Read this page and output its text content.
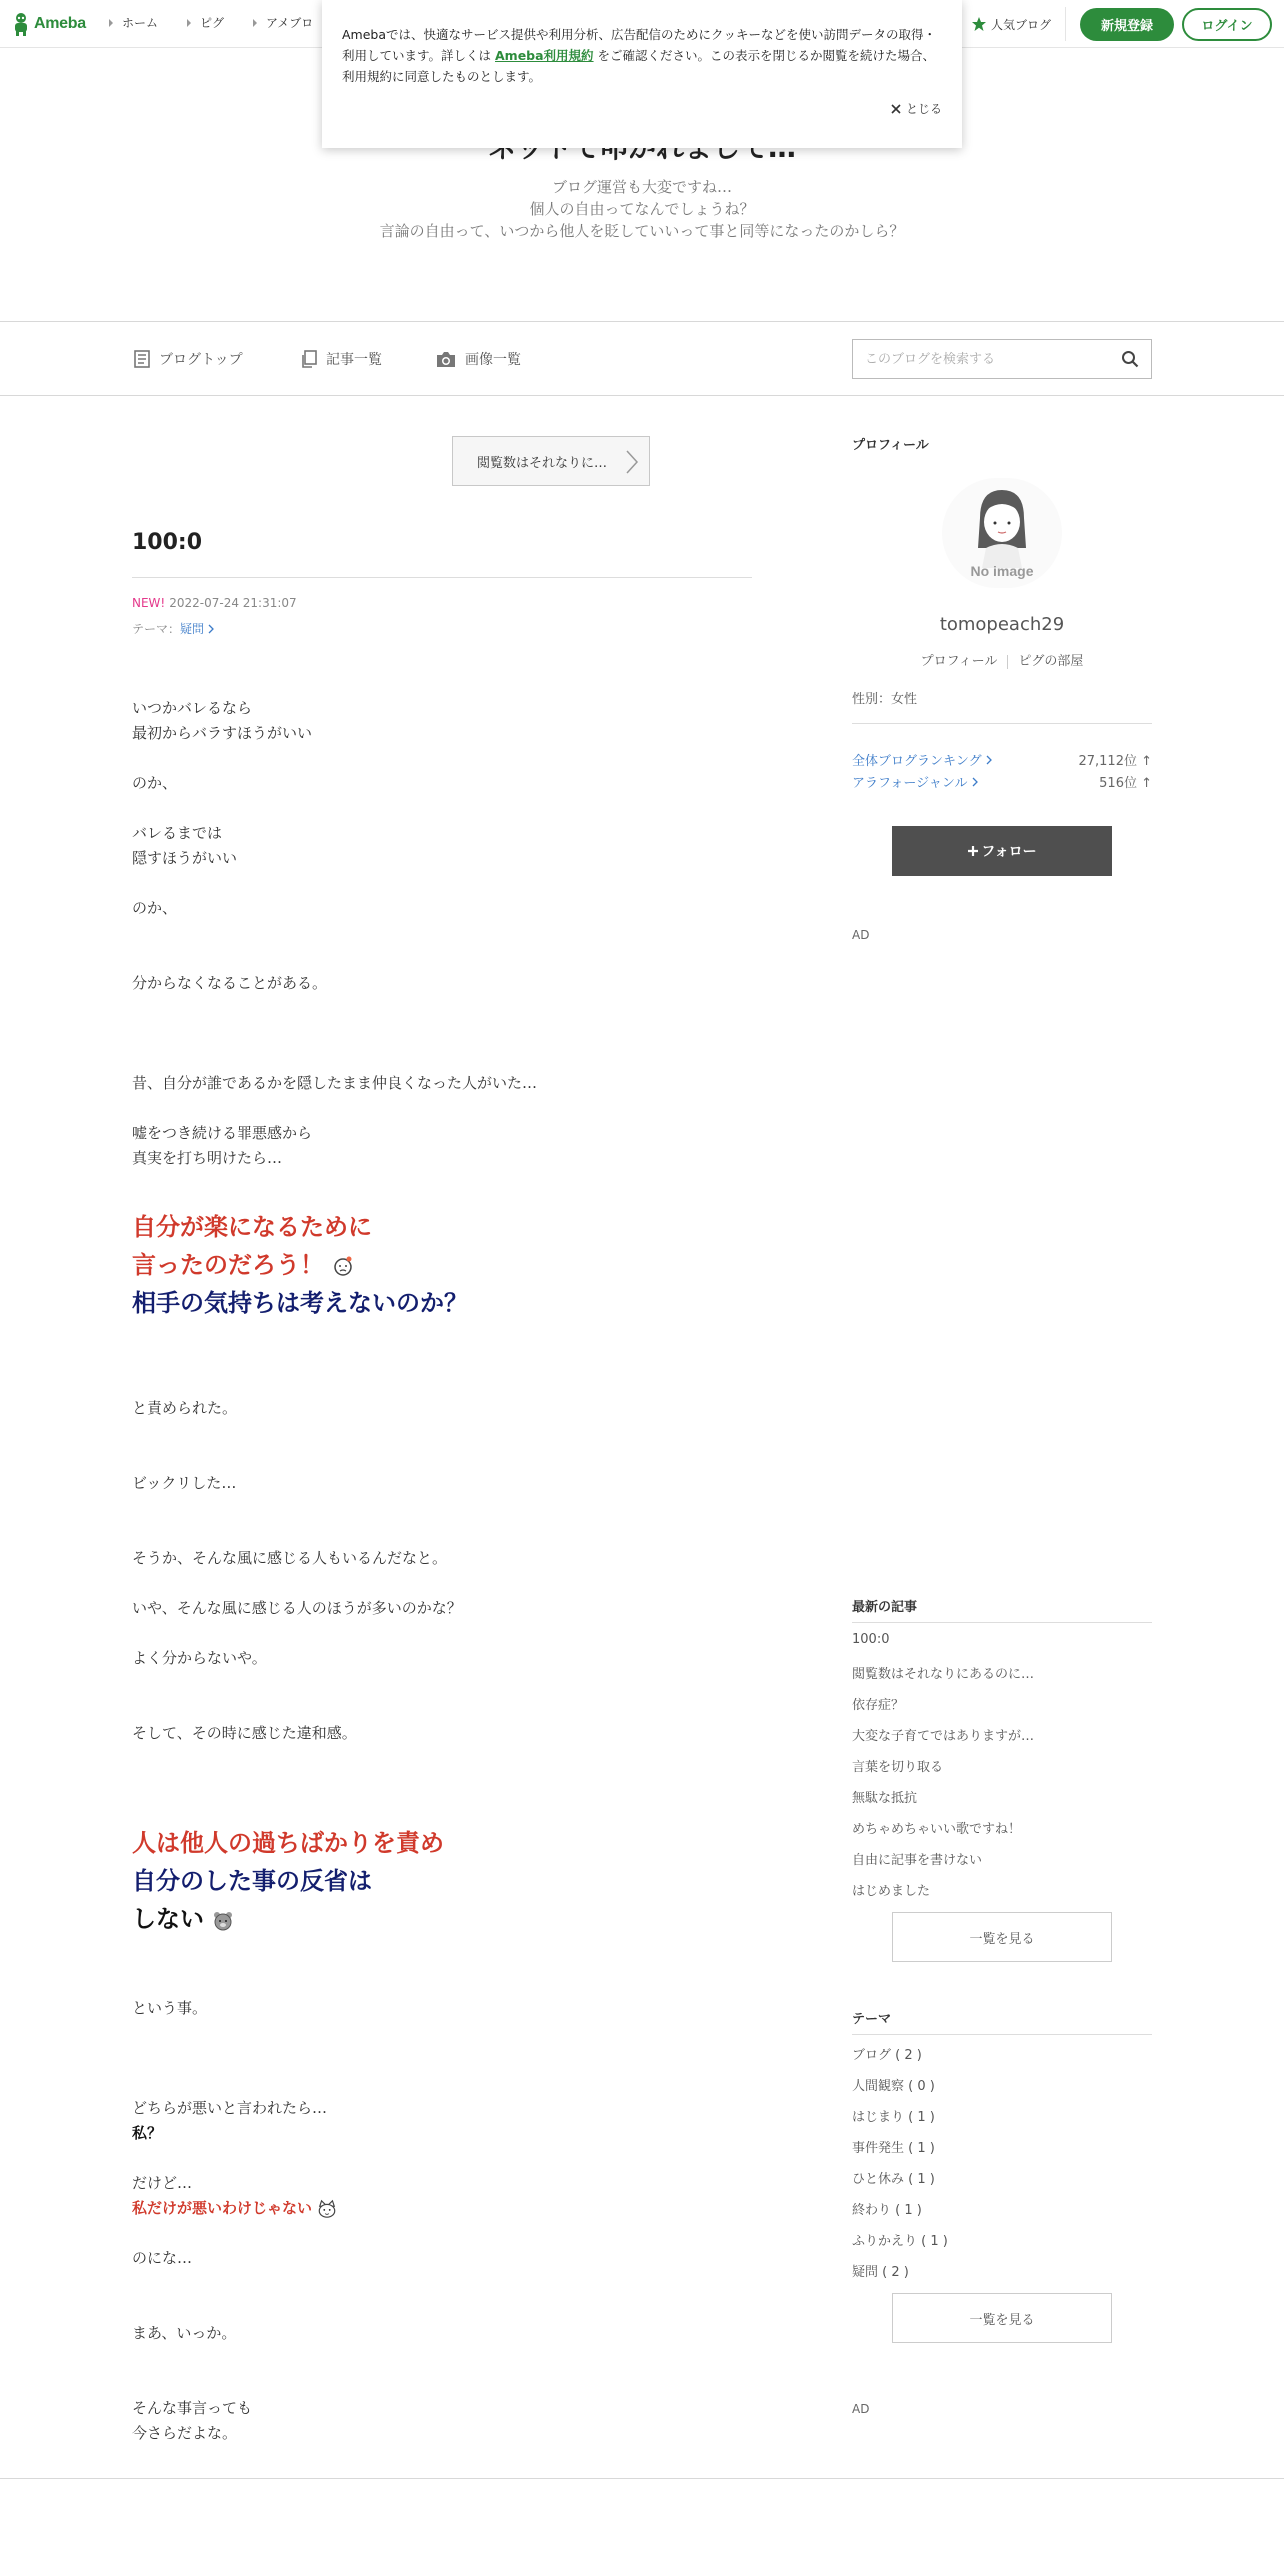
Ameba	ホーム	ピグ	アメブロ	人気ブログ	新規登録	ログイン
ブログ運営も大変ですね…
個人の自由ってなんでしょうね？
言論の自由って、いつから他人を貶していいって事と同等になったのかしら？
Amebaでは、快適なサービス提供や利用分析、広告配信のためにクッキーなどを使い訪問データの取得・利用しています。詳しくは Ameba利用規約 をご確認ください。この表示を閉じるか閲覧を続けた場合、利用規約に同意したものとします。
とじる
ブログトップ	記事一覧	画像一覧
このブログを検索する
閲覧数はそれなりに…
100:0
NEW! 2022-07-24 21:31:07
テーマ： 疑問
いつかバレるなら
最初からバラすほうがいい
のか、
バレるまでは
隠すほうがいい
のか、
分からなくなることがある。
昔、自分が誰であるかを隠したまま仲良くなった人がいた…
嘘をつき続ける罪悪感から
真実を打ち明けたら…
自分が楽になるために
言ったのだろう！
相手の気持ちは考えないのか？
と責められた。
ビックリした…
そうか、そんな風に感じる人もいるんだなと。
いや、そんな風に感じる人のほうが多いのかな？
よく分からないや。
そして、その時に感じた違和感。
人は他人の過ちばかりを責め
自分のした事の反省は
しない
という事。
どちらが悪いと言われたら…
私？
だけど…
私だけが悪いわけじゃない
のにな…
まあ、いっか。
そんな事言っても
今さらだよな。
プロフィール
No image
tomopeach29
プロフィール ピグの部屋
性別：女性
全体ブログランキング	27,112位 ↑
アラフォージャンル	516位 ↑
フォロー
AD
最新の記事
100:0
閲覧数はそれなりにあるのに…
依存症？
大変な子育てではありますが…
言葉を切り取る
無駄な抵抗
めちゃめちゃいい歌ですね！
自由に記事を書けない
はじめました
一覧を見る
テーマ
ブログ ( 2 )
人間観察 ( 0 )
はじまり ( 1 )
事件発生 ( 1 )
ひと休み ( 1 )
終わり ( 1 )
ふりかえり ( 1 )
疑問 ( 2 )
一覧を見る
AD
